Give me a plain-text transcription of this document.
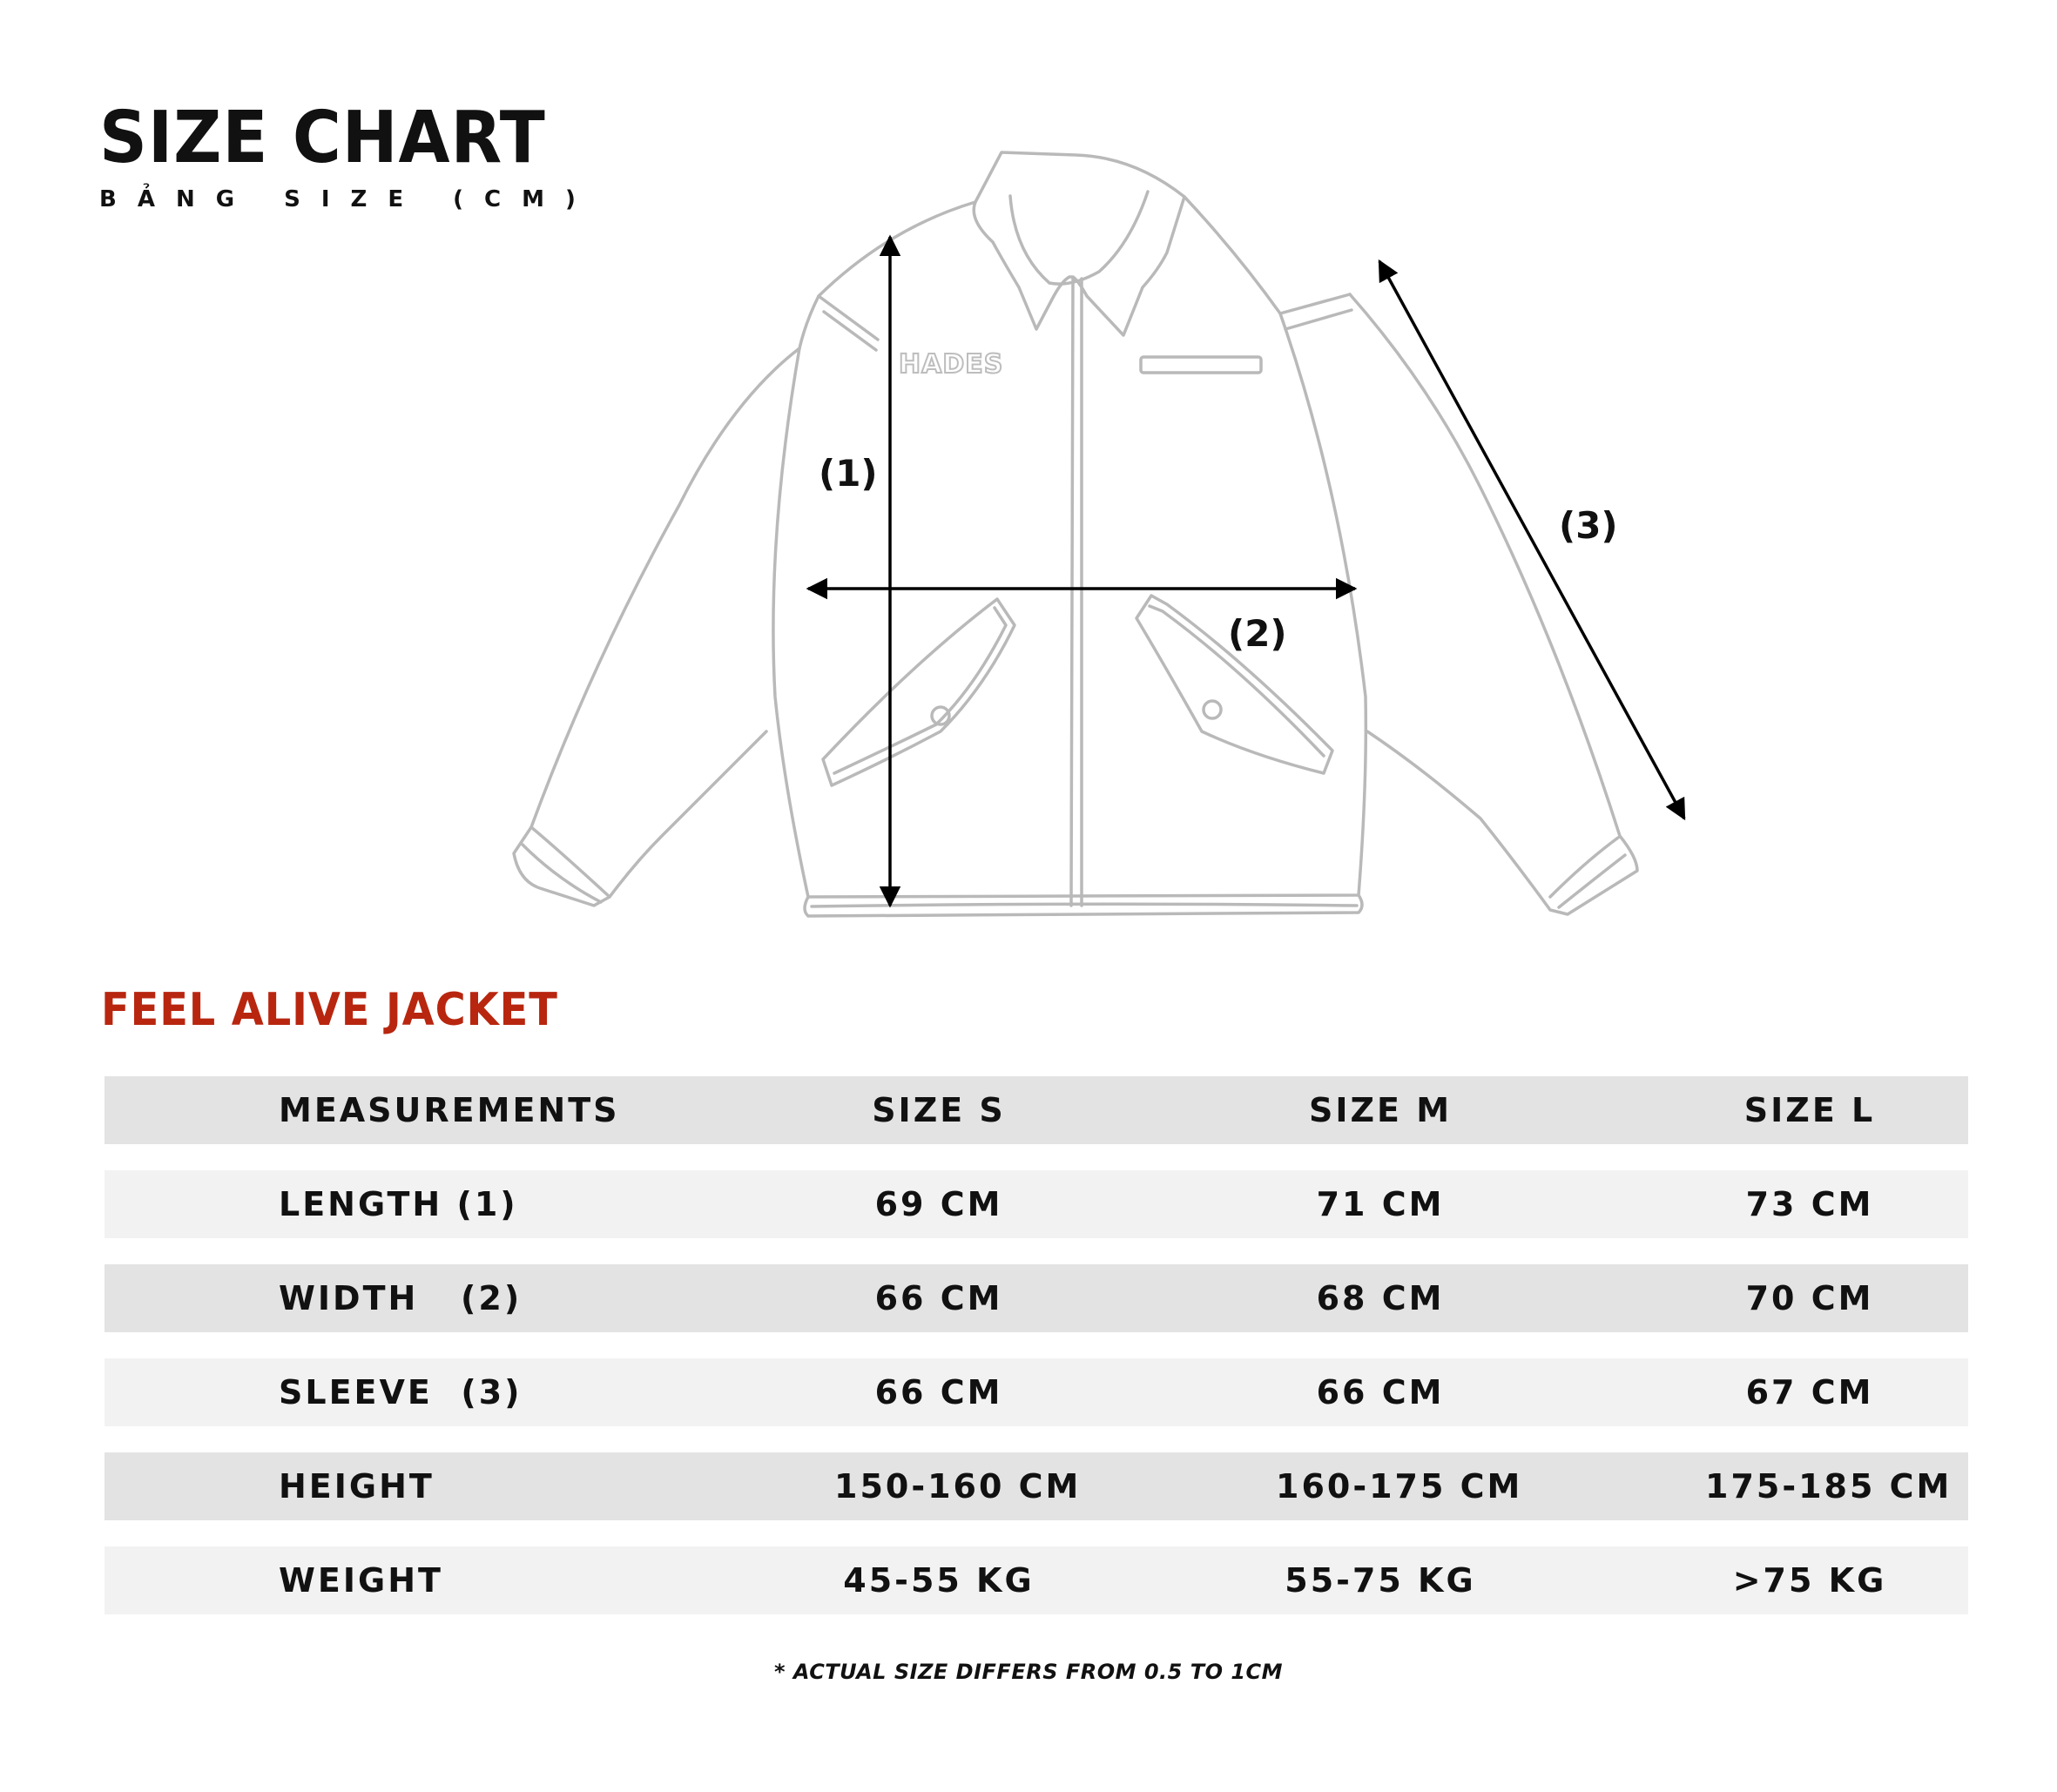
SIZE CHART
BẢNG SIZE (CM)
HADES
(1)
(2)
(3)
FEEL ALIVE JACKET
MEASUREMENTS	SIZE S	SIZE M	SIZE L
LENGTH (1)	69 CM	71 CM	73 CM
WIDTH   (2)	66 CM	68 CM	70 CM
SLEEVE  (3)	66 CM	66 CM	67 CM
HEIGHT	150-160 CM	160-175 CM	175-185 CM
WEIGHT	45-55 KG	55-75 KG	>75 KG
* ACTUAL SIZE DIFFERS FROM 0.5 TO 1CM
